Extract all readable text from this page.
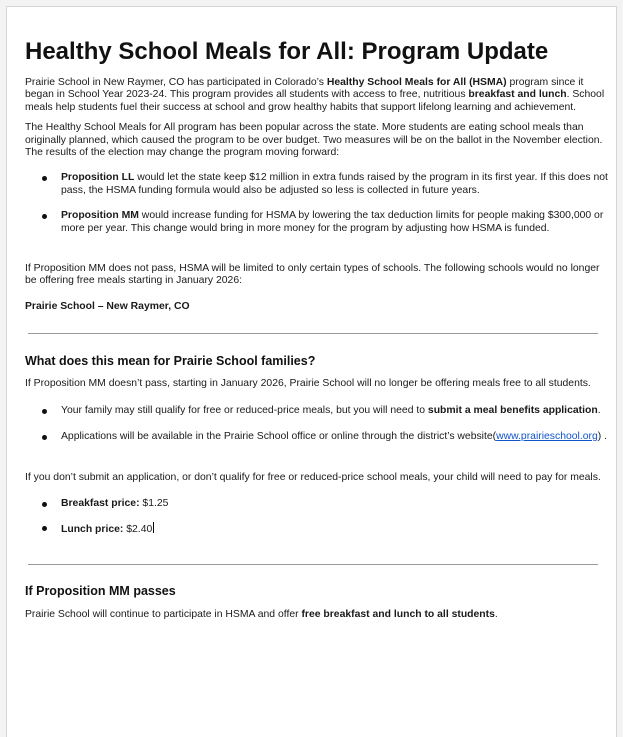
Healthy School Meals for All: Program Update

Prairie School in New Raymer, CO has participated in Colorado’s Healthy School Meals for All (HSMA) program since it began in School Year 2023-24. This program provides all students with access to free, nutritious breakfast and lunch. School meals help students fuel their success at school and grow healthy habits that support lifelong learning and achievement.

The Healthy School Meals for All program has been popular across the state. More students are eating school meals than originally planned, which caused the program to be over budget. Two measures will be on the ballot in the November election. The results of the election may change the program moving forward:

Proposition LL would let the state keep $12 million in extra funds raised by the program in its first year. If this does not pass, the HSMA funding formula would also be adjusted so less is collected in future years.
Proposition MM would increase funding for HSMA by lowering the tax deduction limits for people making $300,000 or more per year. This change would bring in more money for the program by adjusting how HSMA is funded.

If Proposition MM does not pass, HSMA will be limited to only certain types of schools. The following schools would no longer be offering free meals starting in January 2026:

Prairie School – New Raymer, CO

What does this mean for Prairie School families?

If Proposition MM doesn’t pass, starting in January 2026, Prairie School will no longer be offering meals free to all students.

Your family may still qualify for free or reduced-price meals, but you will need to submit a meal benefits application.
Applications will be available in the Prairie School office or online through the district’s website(www.prairieschool.org) .

If you don’t submit an application, or don’t qualify for free or reduced-price school meals, your child will need to pay for meals.

Breakfast price: $1.25
Lunch price: $2.40
If Proposition MM passes

Prairie School will continue to participate in HSMA and offer free breakfast and lunch to all students.
